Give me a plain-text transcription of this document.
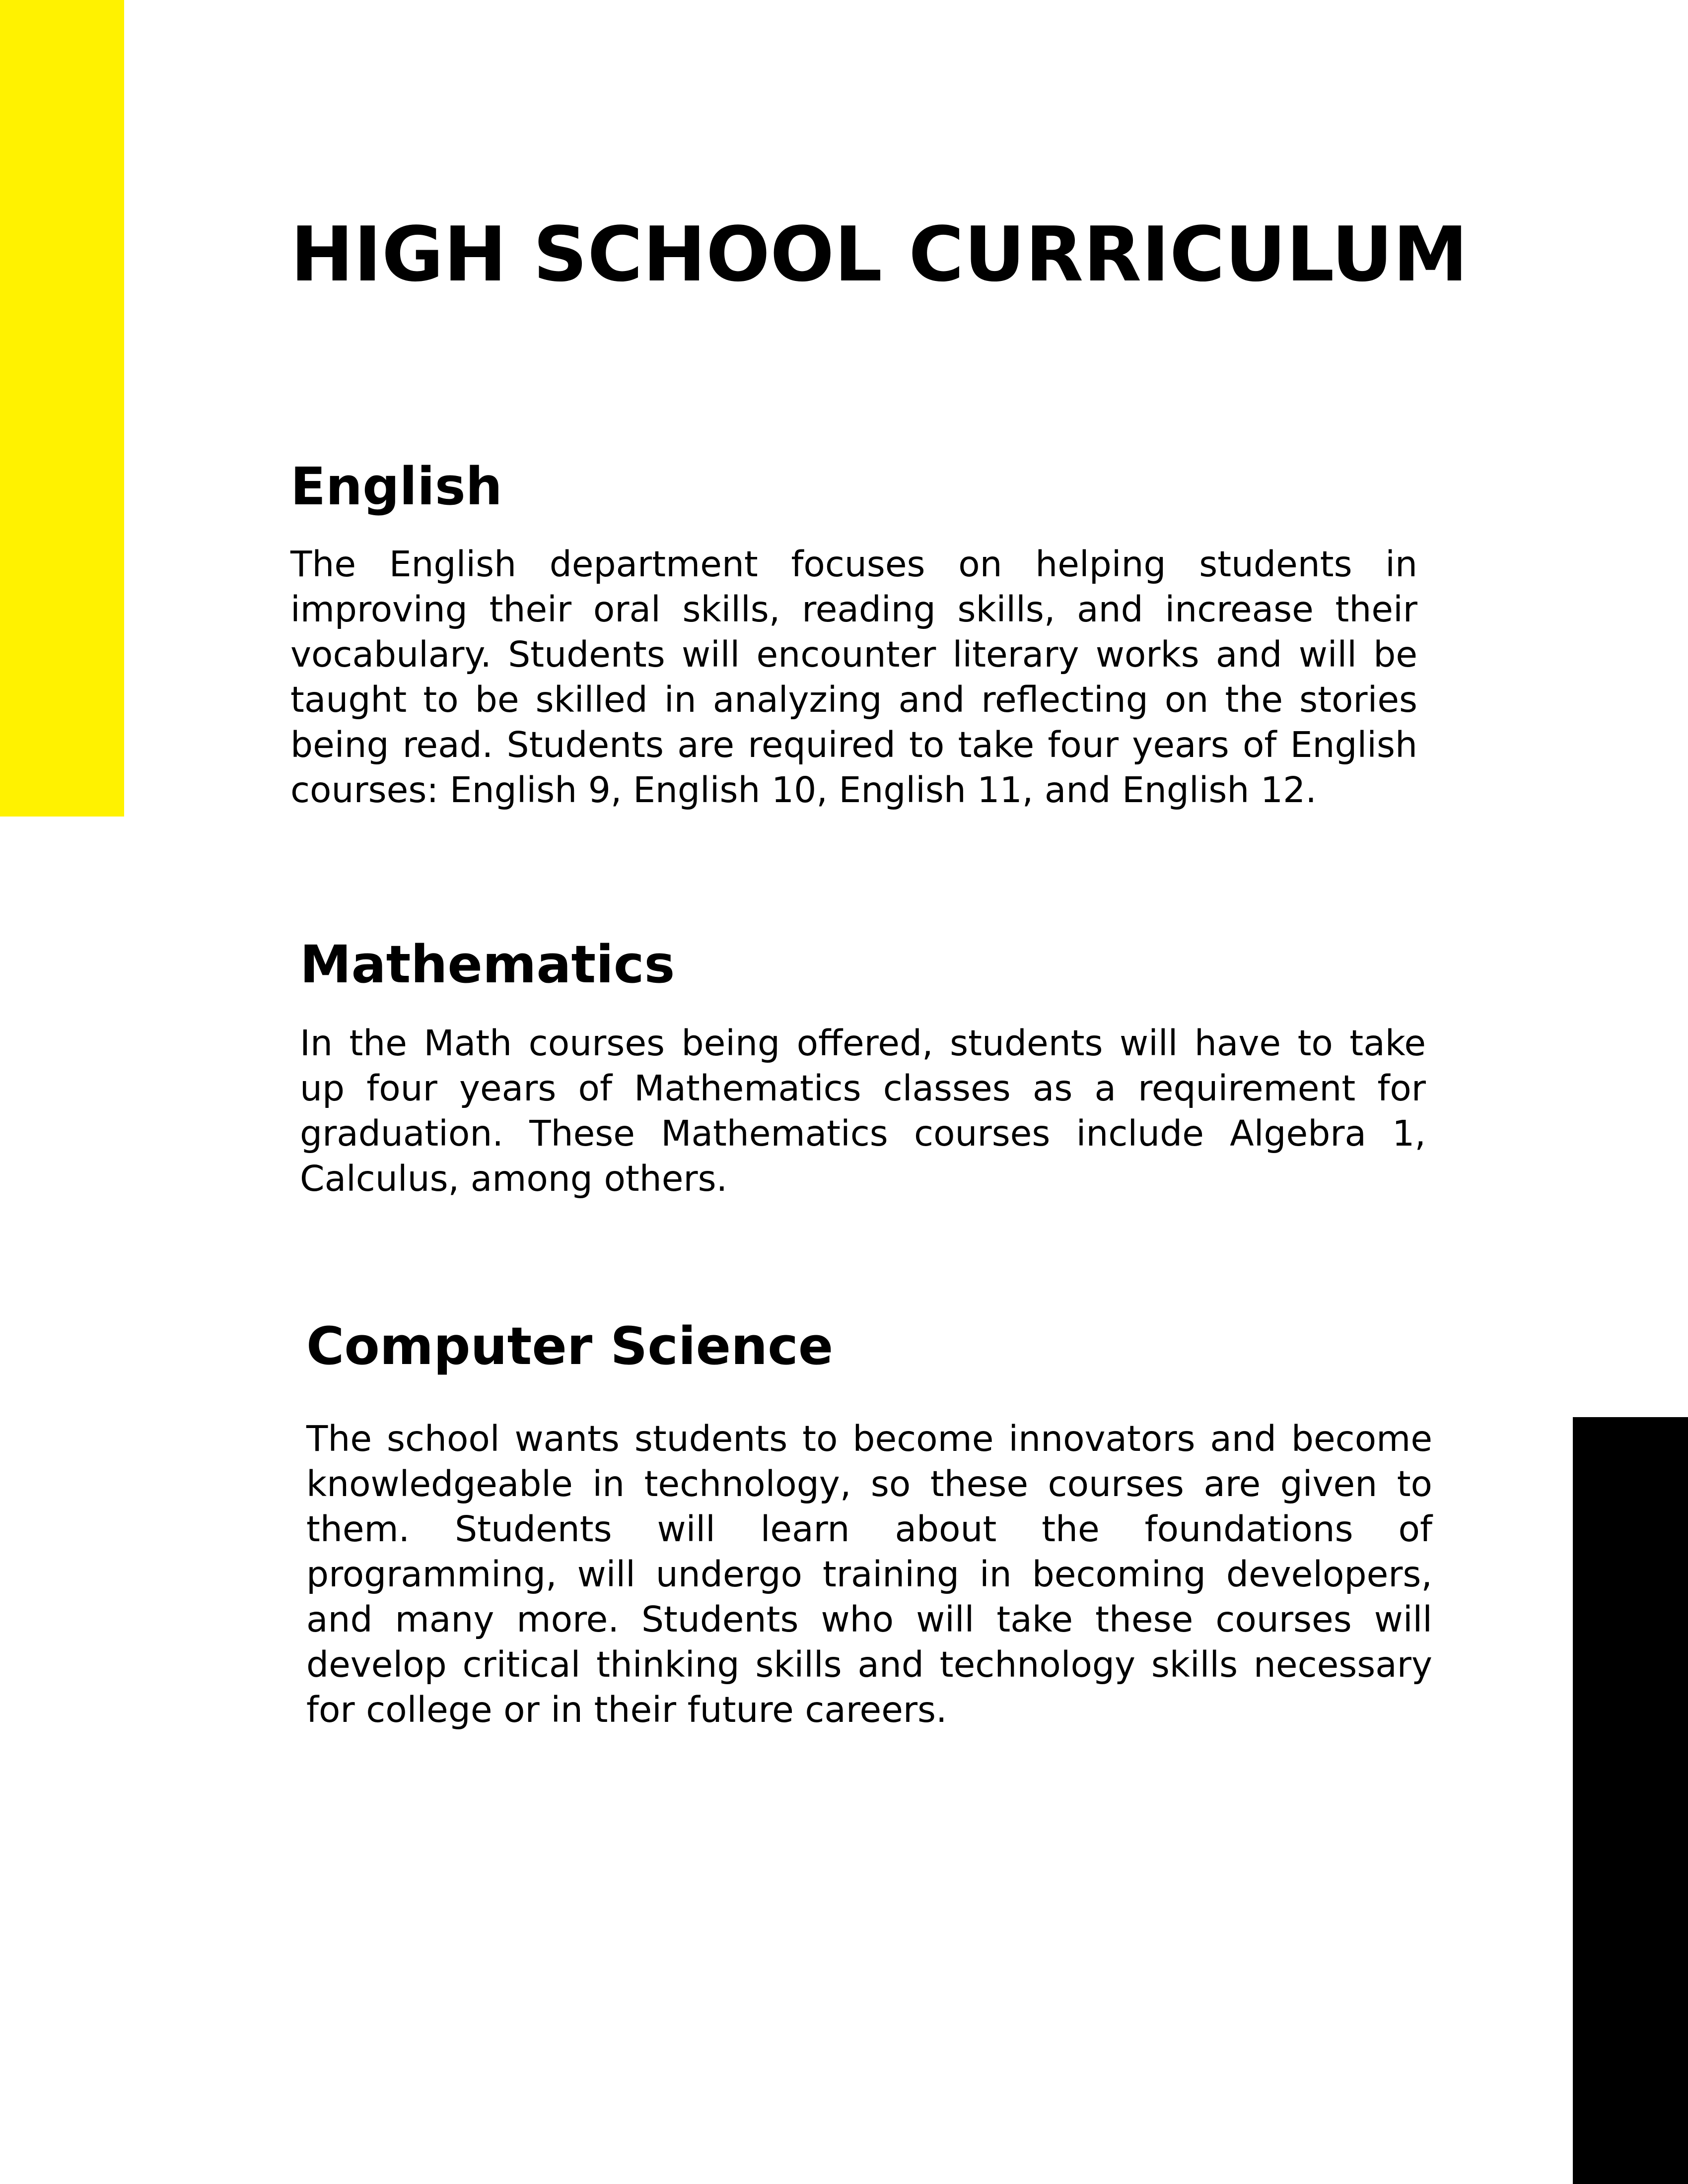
HIGH SCHOOL CURRICULUM
English

The English department focuses on helping students in improving their oral skills, reading skills, and increase their vocabulary. Students will encounter literary works and will be taught to be skilled in analyzing and reflecting on the stories being read. Students are required to take four years of English courses: English 9, English 10, English 11, and English 12.

Mathematics

In the Math courses being offered, students will have to take up four years of Mathematics classes as a requirement for graduation. These Mathematics courses include Algebra 1, Calculus, among others.

Computer Science

The school wants students to become innovators and become knowledgeable in technology, so these courses are given to them. Students will learn about the foundations of programming, will undergo training in becoming developers, and many more. Students who will take these courses will develop critical thinking skills and technology skills necessary for college or in their future careers.
